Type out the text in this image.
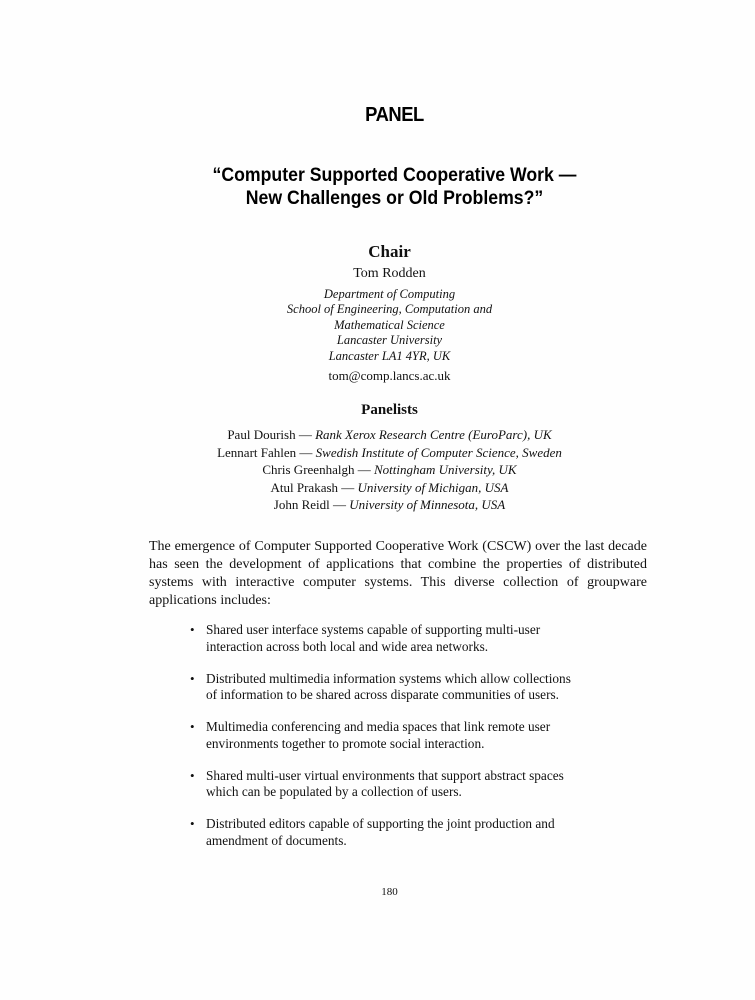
PANEL
“Computer Supported Cooperative Work —
New Challenges or Old Problems?”
Chair
Tom Rodden
Department of Computing
School of Engineering, Computation and
Mathematical Science
Lancaster University
Lancaster LA1 4YR, UK
tom@comp.lancs.ac.uk
Panelists
Paul Dourish — Rank Xerox Research Centre (EuroParc), UK
Lennart Fahlen — Swedish Institute of Computer Science, Sweden
Chris Greenhalgh — Nottingham University, UK
Atul Prakash — University of Michigan, USA
John Reidl — University of Minnesota, USA

The emergence of Computer Supported Cooperative Work (CSCW) over the last decade has seen the development of applications that combine the properties of distributed systems with interactive computer systems. This diverse collection of groupware applications includes:

• Shared user interface systems capable of supporting multi-user
interaction across both local and wide area networks.
• Distributed multimedia information systems which allow collections
of information to be shared across disparate communities of users.
• Multimedia conferencing and media spaces that link remote user
environments together to promote social interaction.
• Shared multi-user virtual environments that support abstract spaces
which can be populated by a collection of users.
• Distributed editors capable of supporting the joint production and
amendment of documents.
180
